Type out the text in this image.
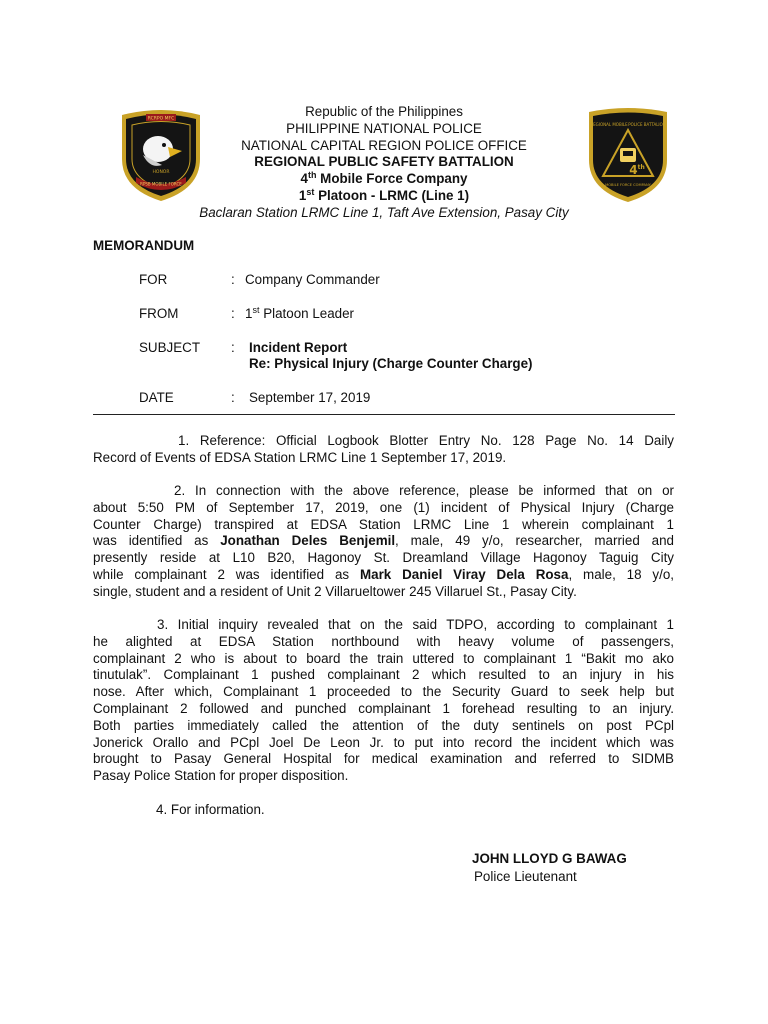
RCRPO MFC
HONOR
RPSB MOBILE FORCE
REGIONAL MOBILE POLICE BATTALION
4th
MOBILE FORCE COMPANY
Republic of the Philippines
PHILIPPINE NATIONAL POLICE
NATIONAL CAPITAL REGION POLICE OFFICE
REGIONAL PUBLIC SAFETY BATTALION
4th Mobile Force Company
1st Platoon - LRMC (Line 1)
Baclaran Station LRMC Line 1, Taft Ave Extension, Pasay City
MEMORANDUM
FOR	: Company Commander
FROM	: 1st Platoon Leader
SUBJECT : Incident Report
Re: Physical Injury (Charge Counter Charge)
DATE	: September 17, 2019
1. Reference: Official Logbook Blotter Entry No. 128 Page No. 14 Daily
Record of Events of EDSA Station LRMC Line 1 September 17, 2019.
2. In connection with the above reference, please be informed that on or
about 5:50 PM of September 17, 2019, one (1) incident of Physical Injury (Charge
Counter Charge) transpired at EDSA Station LRMC Line 1 wherein complainant 1
was identified as Jonathan Deles Benjemil, male, 49 y/o, researcher, married and
presently reside at L10 B20, Hagonoy St. Dreamland Village Hagonoy Taguig City
while complainant 2 was identified as Mark Daniel Viray Dela Rosa, male, 18 y/o,
single, student and a resident of Unit 2 Villarueltower 245 Villaruel St., Pasay City.
3. Initial inquiry revealed that on the said TDPO, according to complainant 1
he alighted at EDSA Station northbound with heavy volume of passengers,
complainant 2 who is about to board the train uttered to complainant 1 “Bakit mo ako
tinutulak”. Complainant 1 pushed complainant 2 which resulted to an injury in his
nose. After which, Complainant 1 proceeded to the Security Guard to seek help but
Complainant 2 followed and punched complainant 1 forehead resulting to an injury.
Both parties immediately called the attention of the duty sentinels on post PCpl
Jonerick Orallo and PCpl Joel De Leon Jr. to put into record the incident which was
brought to Pasay General Hospital for medical examination and referred to SIDMB
Pasay Police Station for proper disposition.
4. For information.
JOHN LLOYD G BAWAG
Police Lieutenant
